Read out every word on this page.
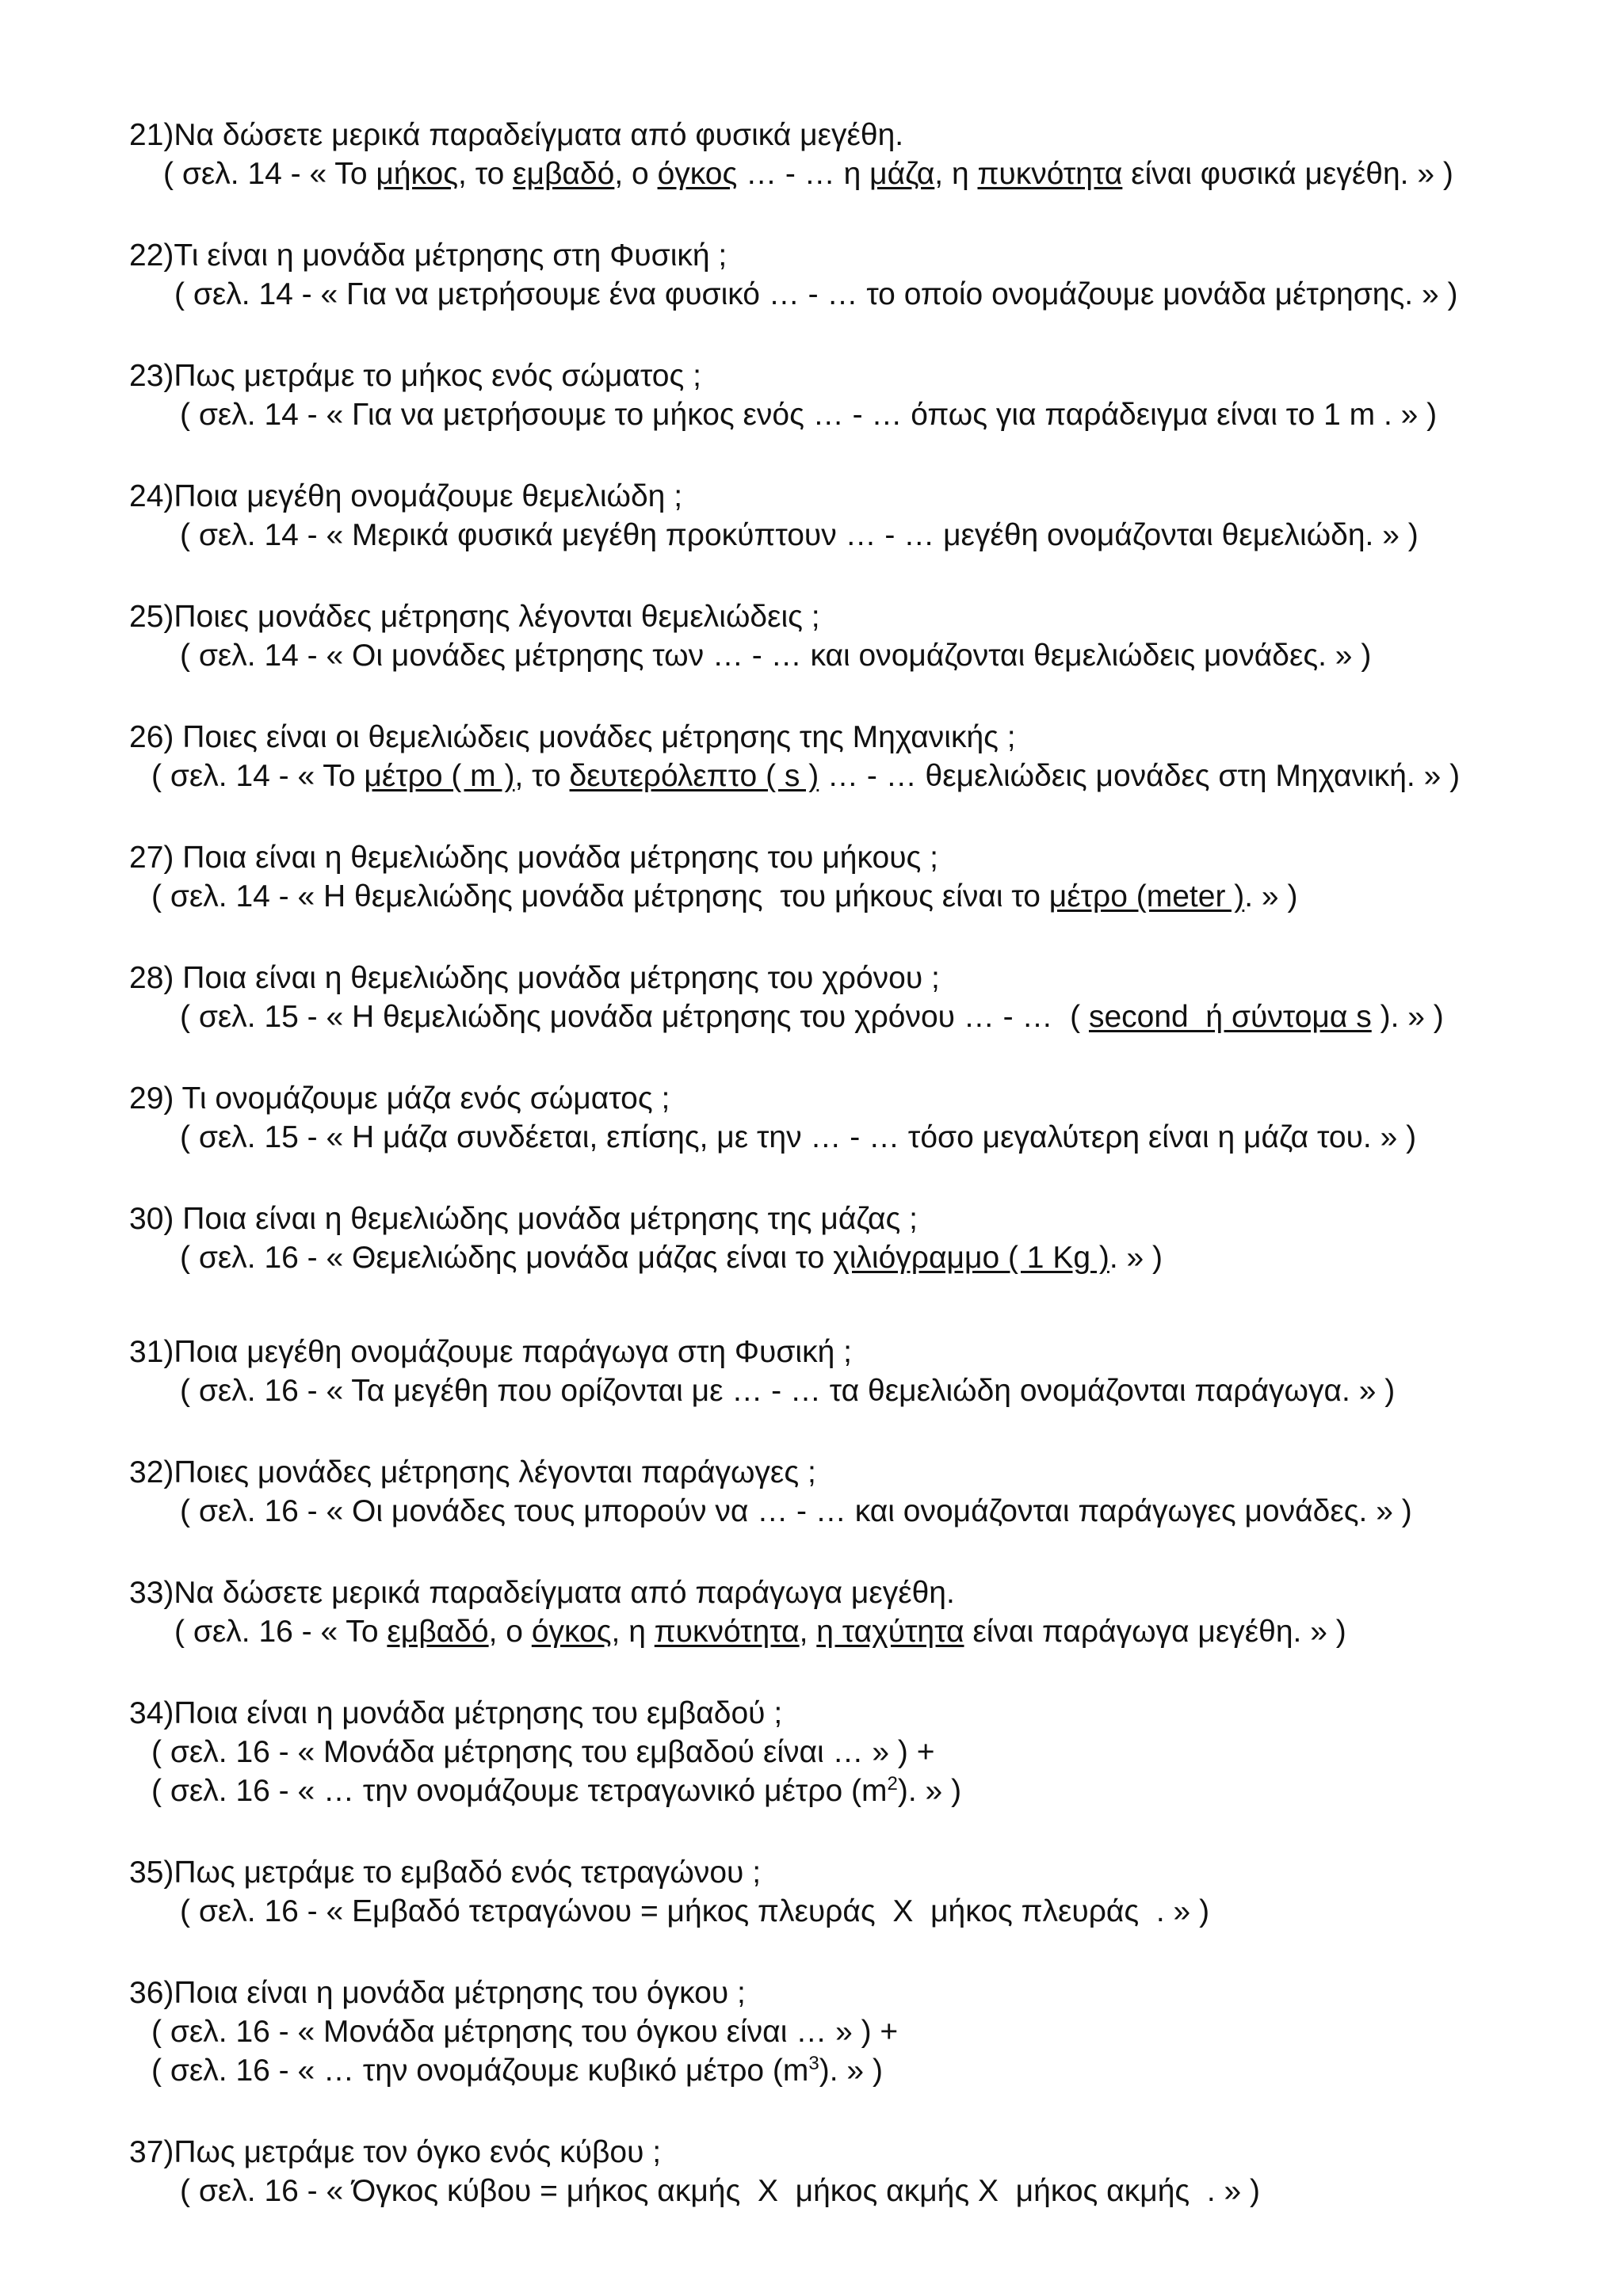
21)Να δώσετε μερικά παραδείγματα από φυσικά μεγέθη.

( σελ. 14 - « Το μήκος, το εμβαδό, ο όγκος … - … η μάζα, η πυκνότητα είναι φυσικά μεγέθη. » )

22)Τι είναι η μονάδα μέτρησης στη Φυσική ;

( σελ. 14 - « Για να μετρήσουμε ένα φυσικό … - … το οποίο ονομάζουμε μονάδα μέτρησης. » )

23)Πως μετράμε το μήκος ενός σώματος ;

( σελ. 14 - « Για να μετρήσουμε το μήκος ενός … - … όπως για παράδειγμα είναι το 1 m . » )

24)Ποια μεγέθη ονομάζουμε θεμελιώδη ;

( σελ. 14 - « Μερικά φυσικά μεγέθη προκύπτουν … - … μεγέθη ονομάζονται θεμελιώδη. » )

25)Ποιες μονάδες μέτρησης λέγονται θεμελιώδεις ;

( σελ. 14 - « Οι μονάδες μέτρησης των … - … και ονομάζονται θεμελιώδεις μονάδες. » )

26) Ποιες είναι οι θεμελιώδεις μονάδες μέτρησης της Μηχανικής ;

( σελ. 14 - « Το μέτρο ( m ), το δευτερόλεπτο ( s ) … - … θεμελιώδεις μονάδες στη Μηχανική. » )

27) Ποια είναι η θεμελιώδης μονάδα μέτρησης του μήκους ;

( σελ. 14 - « Η θεμελιώδης μονάδα μέτρησης  του μήκους είναι το μέτρο (meter ). » )

28) Ποια είναι η θεμελιώδης μονάδα μέτρησης του χρόνου ;

( σελ. 15 - « Η θεμελιώδης μονάδα μέτρησης του χρόνου … - …  ( second  ή σύντομα s ). » )

29) Τι ονομάζουμε μάζα ενός σώματος ;

( σελ. 15 - « Η μάζα συνδέεται, επίσης, με την … - … τόσο μεγαλύτερη είναι η μάζα του. » )

30) Ποια είναι η θεμελιώδης μονάδα μέτρησης της μάζας ;

( σελ. 16 - « Θεμελιώδης μονάδα μάζας είναι το χιλιόγραμμο ( 1 Kg ). » )

31)Ποια μεγέθη ονομάζουμε παράγωγα στη Φυσική ;

( σελ. 16 - « Τα μεγέθη που ορίζονται με … - … τα θεμελιώδη ονομάζονται παράγωγα. » )

32)Ποιες μονάδες μέτρησης λέγονται παράγωγες ;

( σελ. 16 - « Οι μονάδες τους μπορούν να … - … και ονομάζονται παράγωγες μονάδες. » )

33)Να δώσετε μερικά παραδείγματα από παράγωγα μεγέθη.

( σελ. 16 - « Το εμβαδό, ο όγκος, η πυκνότητα, η ταχύτητα είναι παράγωγα μεγέθη. » )

34)Ποια είναι η μονάδα μέτρησης του εμβαδού ;

( σελ. 16 - « Μονάδα μέτρησης του εμβαδού είναι … » ) +

( σελ. 16 - « … την ονομάζουμε τετραγωνικό μέτρο $(m^2)$. » )

35)Πως μετράμε το εμβαδό ενός τετραγώνου ;

( σελ. 16 - « Εμβαδό τετραγώνου = μήκος πλευράς  Χ  μήκος πλευράς  . » )

36)Ποια είναι η μονάδα μέτρησης του όγκου ;

( σελ. 16 - « Μονάδα μέτρησης του όγκου είναι … » ) +

( σελ. 16 - « … την ονομάζουμε κυβικό μέτρο $(m^3)$. » )

37)Πως μετράμε τον όγκο ενός κύβου ;

( σελ. 16 - « Όγκος κύβου = μήκος ακμής  Χ  μήκος ακμής Χ  μήκος ακμής  . » )
